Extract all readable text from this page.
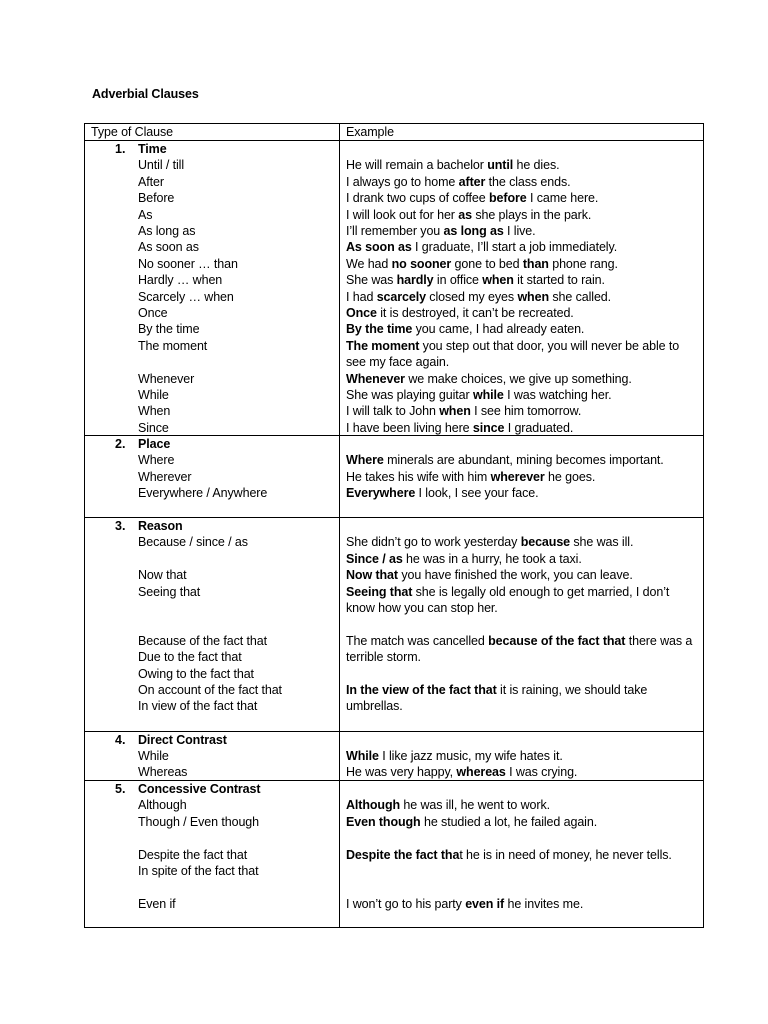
Adverbial Clauses
Type of Clause	Example
1. Time
Until / till
After
Before
As
As long as
As soon as
No sooner … than
Hardly … when
Scarcely … when
Once
By the time
The moment
Whenever
While
When
Since
He will remain a bachelor until he dies.
I always go to home after the class ends.
I drank two cups of coffee before I came here.
I will look out for her as she plays in the park.
I’ll remember you as long as I live.
As soon as I graduate, I’ll start a job immediately.
We had no sooner gone to bed than phone rang.
She was hardly in office when it started to rain.
I had scarcely closed my eyes when she called.
Once it is destroyed, it can’t be recreated.
By the time you came, I had already eaten.
The moment you step out that door, you will never be able to see my face again.
Whenever we make choices, we give up something.
She was playing guitar while I was watching her.
I will talk to John when I see him tomorrow.
I have been living here since I graduated.
2. Place
Where
Wherever
Everywhere / Anywhere
Where minerals are abundant, mining becomes important.
He takes his wife with him wherever he goes.
Everywhere I look, I see your face.
3. Reason
Because / since / as
Now that
Seeing that
Because of the fact that
Due to the fact that
Owing to the fact that
On account of the fact that
In view of the fact that
She didn’t go to work yesterday because she was ill.
Since / as he was in a hurry, he took a taxi.
Now that you have finished the work, you can leave.
Seeing that she is legally old enough to get married, I don’t know how you can stop her.
The match was cancelled because of the fact that there was a terrible storm.
In the view of the fact that it is raining, we should take umbrellas.
4. Direct Contrast
While
Whereas
While I like jazz music, my wife hates it.
He was very happy, whereas I was crying.
5. Concessive Contrast
Although
Though / Even though
Despite the fact that
In spite of the fact that
Even if
Although he was ill, he went to work.
Even though he studied a lot, he failed again.
Despite the fact that he is in need of money, he never tells.
I won’t go to his party even if he invites me.
